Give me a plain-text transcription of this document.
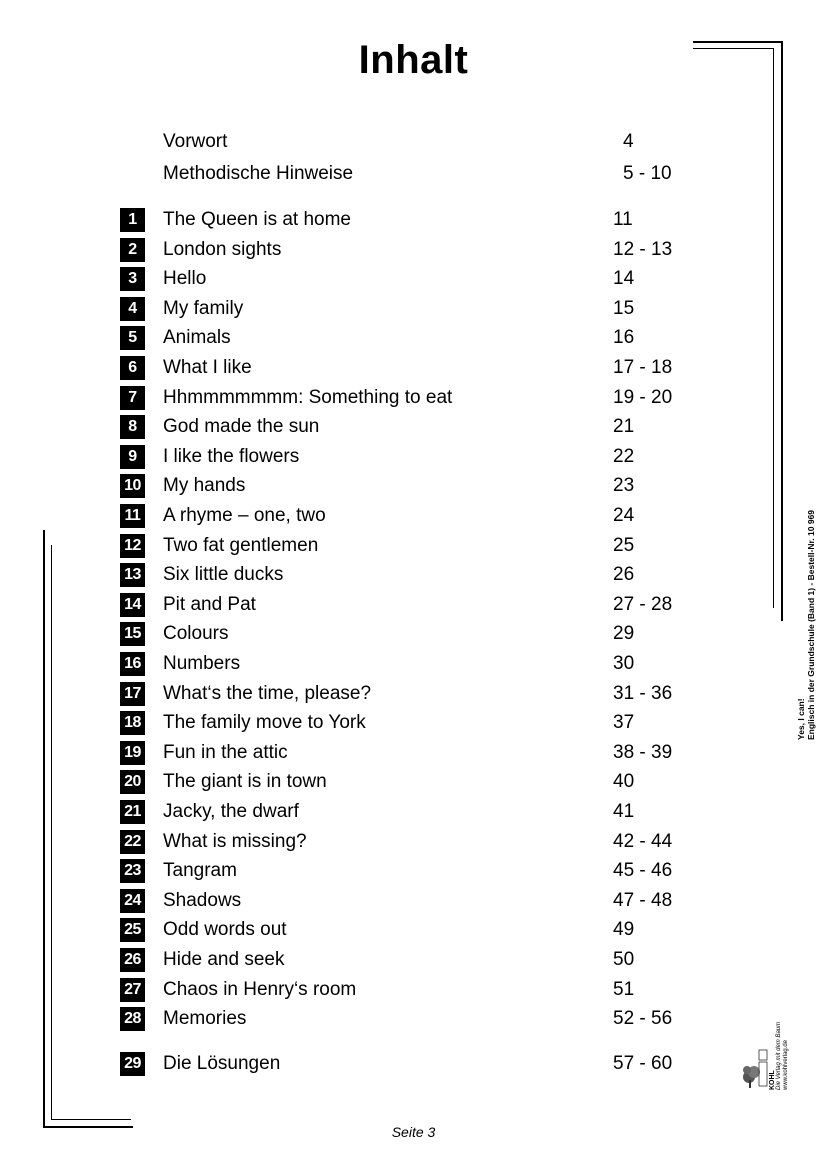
Inhalt
Vorwort	4
Methodische Hinweise	5 - 10
1	The Queen is at home	11
2	London sights	12 - 13
3	Hello	14
4	My family	15
5	Animals	16
6	What I like	17 - 18
7	Hhmmmmmmm: Something to eat	19 - 20
8	God made the sun	21
9	I like the flowers	22
10 My hands	23
11 A rhyme – one, two	24
12 Two fat gentlemen	25
13 Six little ducks	26
14 Pit and Pat	27 - 28
15 Colours	29
16 Numbers	30
17 What‘s the time, please?	31 - 36
18 The family move to York	37
19 Fun in the attic	38 - 39
20 The giant is in town	40
21 Jacky, the dwarf	41
22 What is missing?	42 - 44
23 Tangram	45 - 46
24 Shadows	47 - 48
25 Odd words out	49
26 Hide and seek	50
27 Chaos in Henry‘s room	51
28 Memories	52 - 56
29 Die Lösungen	57 - 60
Seite 3
Yes, I can! Englisch in der Grundschule (Band 1) - Bestell-Nr. 10 969
KOHL Die Verlag mit dem Baum www.kohlverlag.de
